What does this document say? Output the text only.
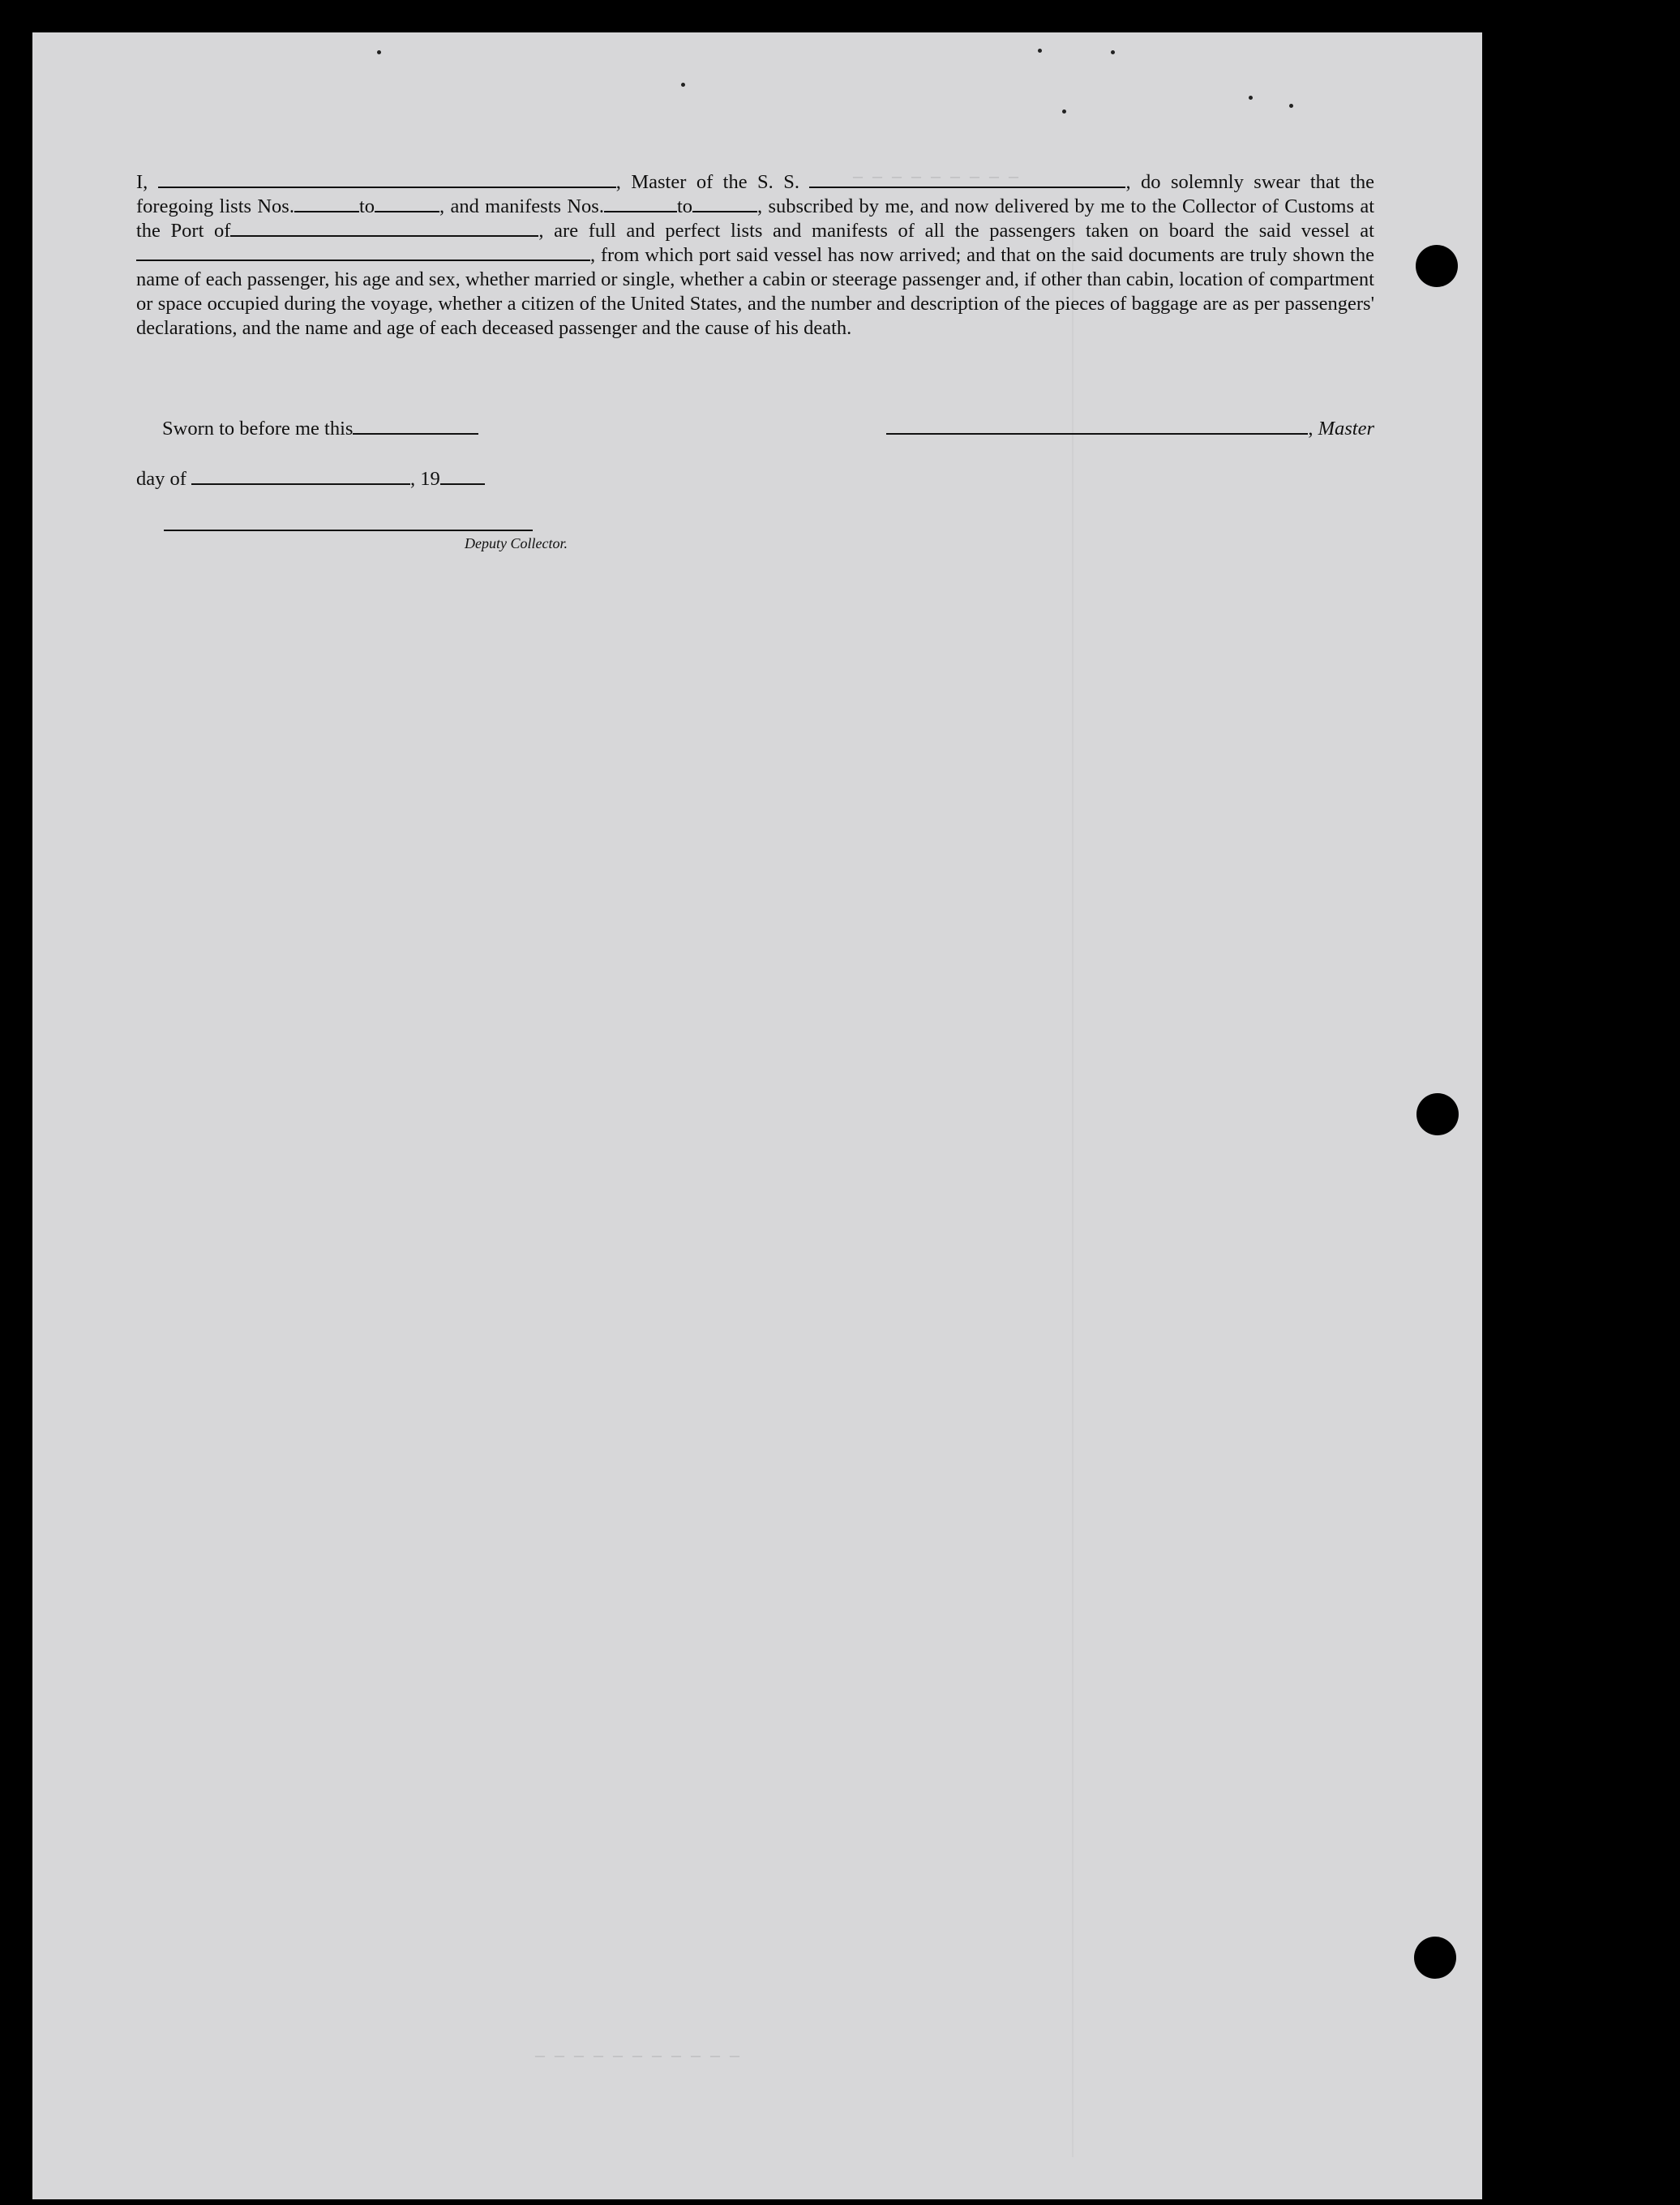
I,	, Master of the S. S.	, do solemnly swear that the foregoing lists Nos.	to	, and manifests Nos.	to	, subscribed by me, and now delivered by me to the Collector of Customs at the Port of	, are full and perfect lists and manifests of all the passengers taken on board the said vessel at, from which port said vessel has now arrived; and that on the said documents are truly shown the name of each passenger, his age and sex, whether married or single, whether a cabin or steerage passenger and, if other than cabin, location of compartment or space occupied during the voyage, whether a citizen of the United States, and the number and description of the pieces of baggage are as per passengers' declarations, and the name and age of each deceased passenger and the cause of his death.
Sworn to before me this	, Master
day of	, 19
Deputy Collector.
— — — — — — — — —
— — — — — — — — — — —
